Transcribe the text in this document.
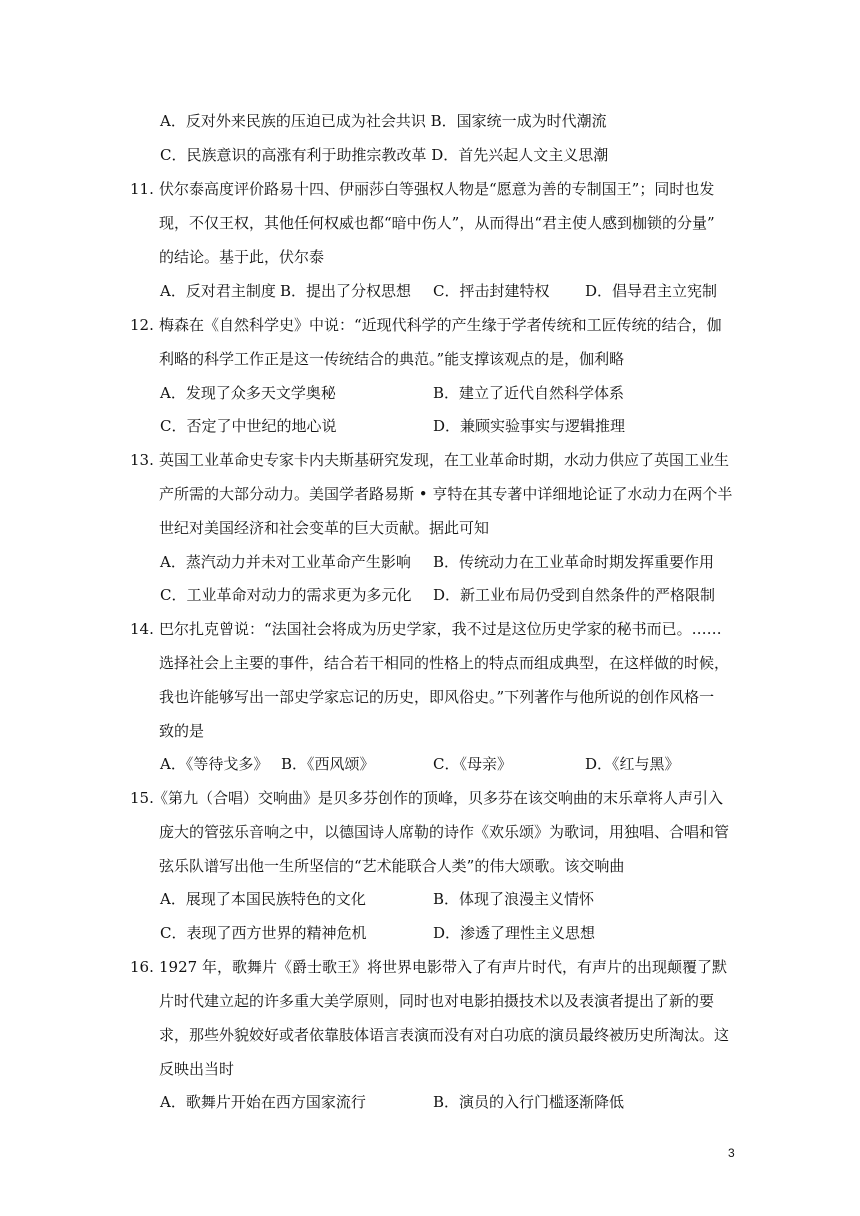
A．反对外来民族的压迫已成为社会共识 B．国家统一成为时代潮流
C．民族意识的高涨有利于助推宗教改革 D．首先兴起人文主义思潮
11. 伏尔泰高度评价路易十四、伊丽莎白等强权人物是“愿意为善的专制国王”；同时也发
现，不仅王权，其他任何权威也都“暗中伤人”，从而得出“君主使人感到枷锁的分量”
的结论。基于此，伏尔泰
A．反对君主制度 B．提出了分权思想 C．抨击封建特权 D．倡导君主立宪制
12. 梅森在《自然科学史》中说：“近现代科学的产生缘于学者传统和工匠传统的结合，伽
利略的科学工作正是这一传统结合的典范。”能支撑该观点的是，伽利略
A．发现了众多天文学奥秘	B．建立了近代自然科学体系
C．否定了中世纪的地心说	D．兼顾实验事实与逻辑推理
13. 英国工业革命史专家卡内夫斯基研究发现，在工业革命时期，水动力供应了英国工业生
产所需的大部分动力。美国学者路易斯 • 亨特在其专著中详细地论证了水动力在两个半
世纪对美国经济和社会变革的巨大贡献。据此可知
A．蒸汽动力并未对工业革命产生影响 B．传统动力在工业革命时期发挥重要作用
C．工业革命对动力的需求更为多元化 D．新工业布局仍受到自然条件的严格限制
14. 巴尔扎克曾说：“法国社会将成为历史学家，我不过是这位历史学家的秘书而已。……
选择社会上主要的事件，结合若干相同的性格上的特点而组成典型，在这样做的时候，
我也许能够写出一部史学家忘记的历史，即风俗史。”下列著作与他所说的创作风格一
致的是
A．《等待戈多》 B．《西风颂》	C．《母亲》	D．《红与黑》
15. 《第九（合唱）交响曲》是贝多芬创作的顶峰，贝多芬在该交响曲的末乐章将人声引入
庞大的管弦乐音响之中，以德国诗人席勒的诗作《欢乐颂》为歌词，用独唱、合唱和管
弦乐队谱写出他一生所坚信的“艺术能联合人类”的伟大颂歌。该交响曲
A．展现了本国民族特色的文化	B．体现了浪漫主义情怀
C．表现了西方世界的精神危机	D．渗透了理性主义思想
16. 1927 年，歌舞片《爵士歌王》将世界电影带入了有声片时代，有声片的出现颠覆了默
片时代建立起的许多重大美学原则，同时也对电影拍摄技术以及表演者提出了新的要
求，那些外貌姣好或者依靠肢体语言表演而没有对白功底的演员最终被历史所淘汰。这
反映出当时
A．歌舞片开始在西方国家流行	B．演员的入行门槛逐渐降低
3
